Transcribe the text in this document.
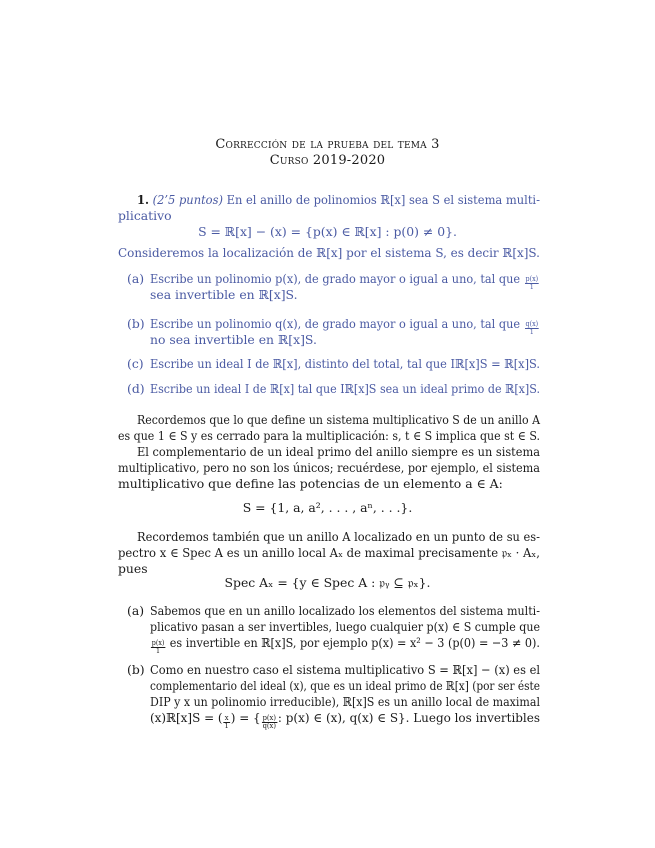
Corrección de la prueba del tema 3
Curso 2019-2020
1. (2’5 puntos) En el anillo de polinomios ℝ[x] sea S el sistema multi-
plicativo
S = ℝ[x] − (x) = {p(x) ∈ ℝ[x] : p(0) ≠ 0}.
Consideremos la localización de ℝ[x] por el sistema S, es decir ℝ[x]S.
(a) Escribe un polinomio p(x), de grado mayor o igual a uno, tal que $\frac{p(x)}{1}$
sea invertible en ℝ[x]S.
(b) Escribe un polinomio q(x), de grado mayor o igual a uno, tal que $\frac{q(x)}{1}$
no sea invertible en ℝ[x]S.
(c) Escribe un ideal I de ℝ[x], distinto del total, tal que Iℝ[x]S = ℝ[x]S.
(d) Escribe un ideal I de ℝ[x] tal que Iℝ[x]S sea un ideal primo de ℝ[x]S.
Recordemos que lo que define un sistema multiplicativo S de un anillo A
es que 1 ∈ S y es cerrado para la multiplicación: s, t ∈ S implica que st ∈ S.
El complementario de un ideal primo del anillo siempre es un sistema
multiplicativo, pero no son los únicos; recuérdese, por ejemplo, el sistema
multiplicativo que define las potencias de un elemento a ∈ A:
S = {1, a, a², . . . , aⁿ, . . .}.
Recordemos también que un anillo A localizado en un punto de su es-
pectro x ∈ Spec A es un anillo local Aₓ de maximal precisamente 𝔭ₓ · Aₓ,
pues
Spec Aₓ = {y ∈ Spec A : 𝔭ᵧ ⊆ 𝔭ₓ}.
(a) Sabemos que en un anillo localizado los elementos del sistema multi-
plicativo pasan a ser invertibles, luego cualquier p(x) ∈ S cumple que
$\frac{p(x)}{1}$ es invertible en ℝ[x]S, por ejemplo p(x) = x² − 3 (p(0) = −3 ≠ 0).
(b) Como en nuestro caso el sistema multiplicativo S = ℝ[x] − (x) es el
complementario del ideal (x), que es un ideal primo de ℝ[x] (por ser éste
DIP y x un polinomio irreducible), ℝ[x]S es un anillo local de maximal
(x)ℝ[x]S = ( $\frac{x}{1}$ ) = { $\frac{p(x)}{q(x)}$ : p(x) ∈ (x), q(x) ∈ S}. Luego los invertibles
